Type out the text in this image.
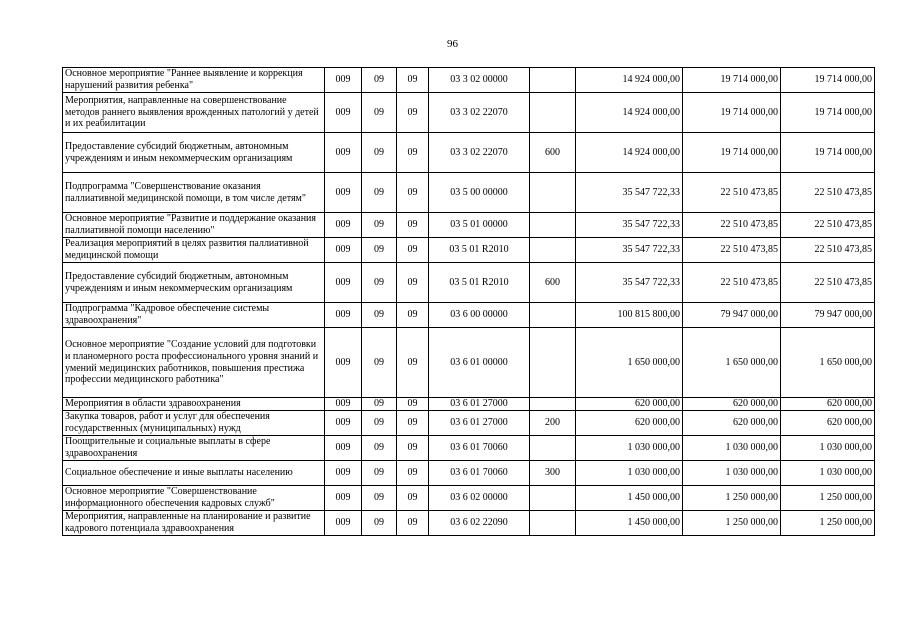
96
Основное мероприятие "Раннее выявление и коррекция нарушений развития ребенка"	009	09	09	03 3 02 00000		14 924 000,00	19 714 000,00	19 714 000,00
Мероприятия, направленные на совершенствование методов раннего выявления врожденных патологий у детей и их реабилитации	009	09	09	03 3 02 22070		14 924 000,00	19 714 000,00	19 714 000,00
Предоставление субсидий бюджетным, автономным учреждениям и иным некоммерческим организациям	009	09	09	03 3 02 22070	600	14 924 000,00	19 714 000,00	19 714 000,00
Подпрограмма "Совершенствование оказания паллиативной медицинской помощи, в том числе детям"	009	09	09	03 5 00 00000		35 547 722,33	22 510 473,85	22 510 473,85
Основное мероприятие "Развитие и поддержание оказания паллиативной помощи населению"	009	09	09	03 5 01 00000		35 547 722,33	22 510 473,85	22 510 473,85
Реализация мероприятий в целях развития паллиативной медицинской помощи	009	09	09	03 5 01 R2010		35 547 722,33	22 510 473,85	22 510 473,85
Предоставление субсидий бюджетным, автономным учреждениям и иным некоммерческим организациям	009	09	09	03 5 01 R2010	600	35 547 722,33	22 510 473,85	22 510 473,85
Подпрограмма "Кадровое обеспечение системы здравоохранения"	009	09	09	03 6 00 00000		100 815 800,00	79 947 000,00	79 947 000,00
Основное мероприятие "Создание условий для подготовки и планомерного роста профессионального уровня знаний и умений медицинских работников, повышения престижа профессии медицинского работника"	009	09	09	03 6 01 00000		1 650 000,00	1 650 000,00	1 650 000,00
Мероприятия в области здравоохранения	009	09	09	03 6 01 27000		620 000,00	620 000,00	620 000,00
Закупка товаров, работ и услуг для обеспечения государственных (муниципальных) нужд	009	09	09	03 6 01 27000	200	620 000,00	620 000,00	620 000,00
Поощрительные и социальные выплаты в сфере здравоохранения	009	09	09	03 6 01 70060		1 030 000,00	1 030 000,00	1 030 000,00
Социальное обеспечение и иные выплаты населению	009	09	09	03 6 01 70060	300	1 030 000,00	1 030 000,00	1 030 000,00
Основное мероприятие "Совершенствование информационного обеспечения кадровых служб"	009	09	09	03 6 02 00000		1 450 000,00	1 250 000,00	1 250 000,00
Мероприятия, направленные на планирование и развитие кадрового потенциала здравоохранения	009	09	09	03 6 02 22090		1 450 000,00	1 250 000,00	1 250 000,00
